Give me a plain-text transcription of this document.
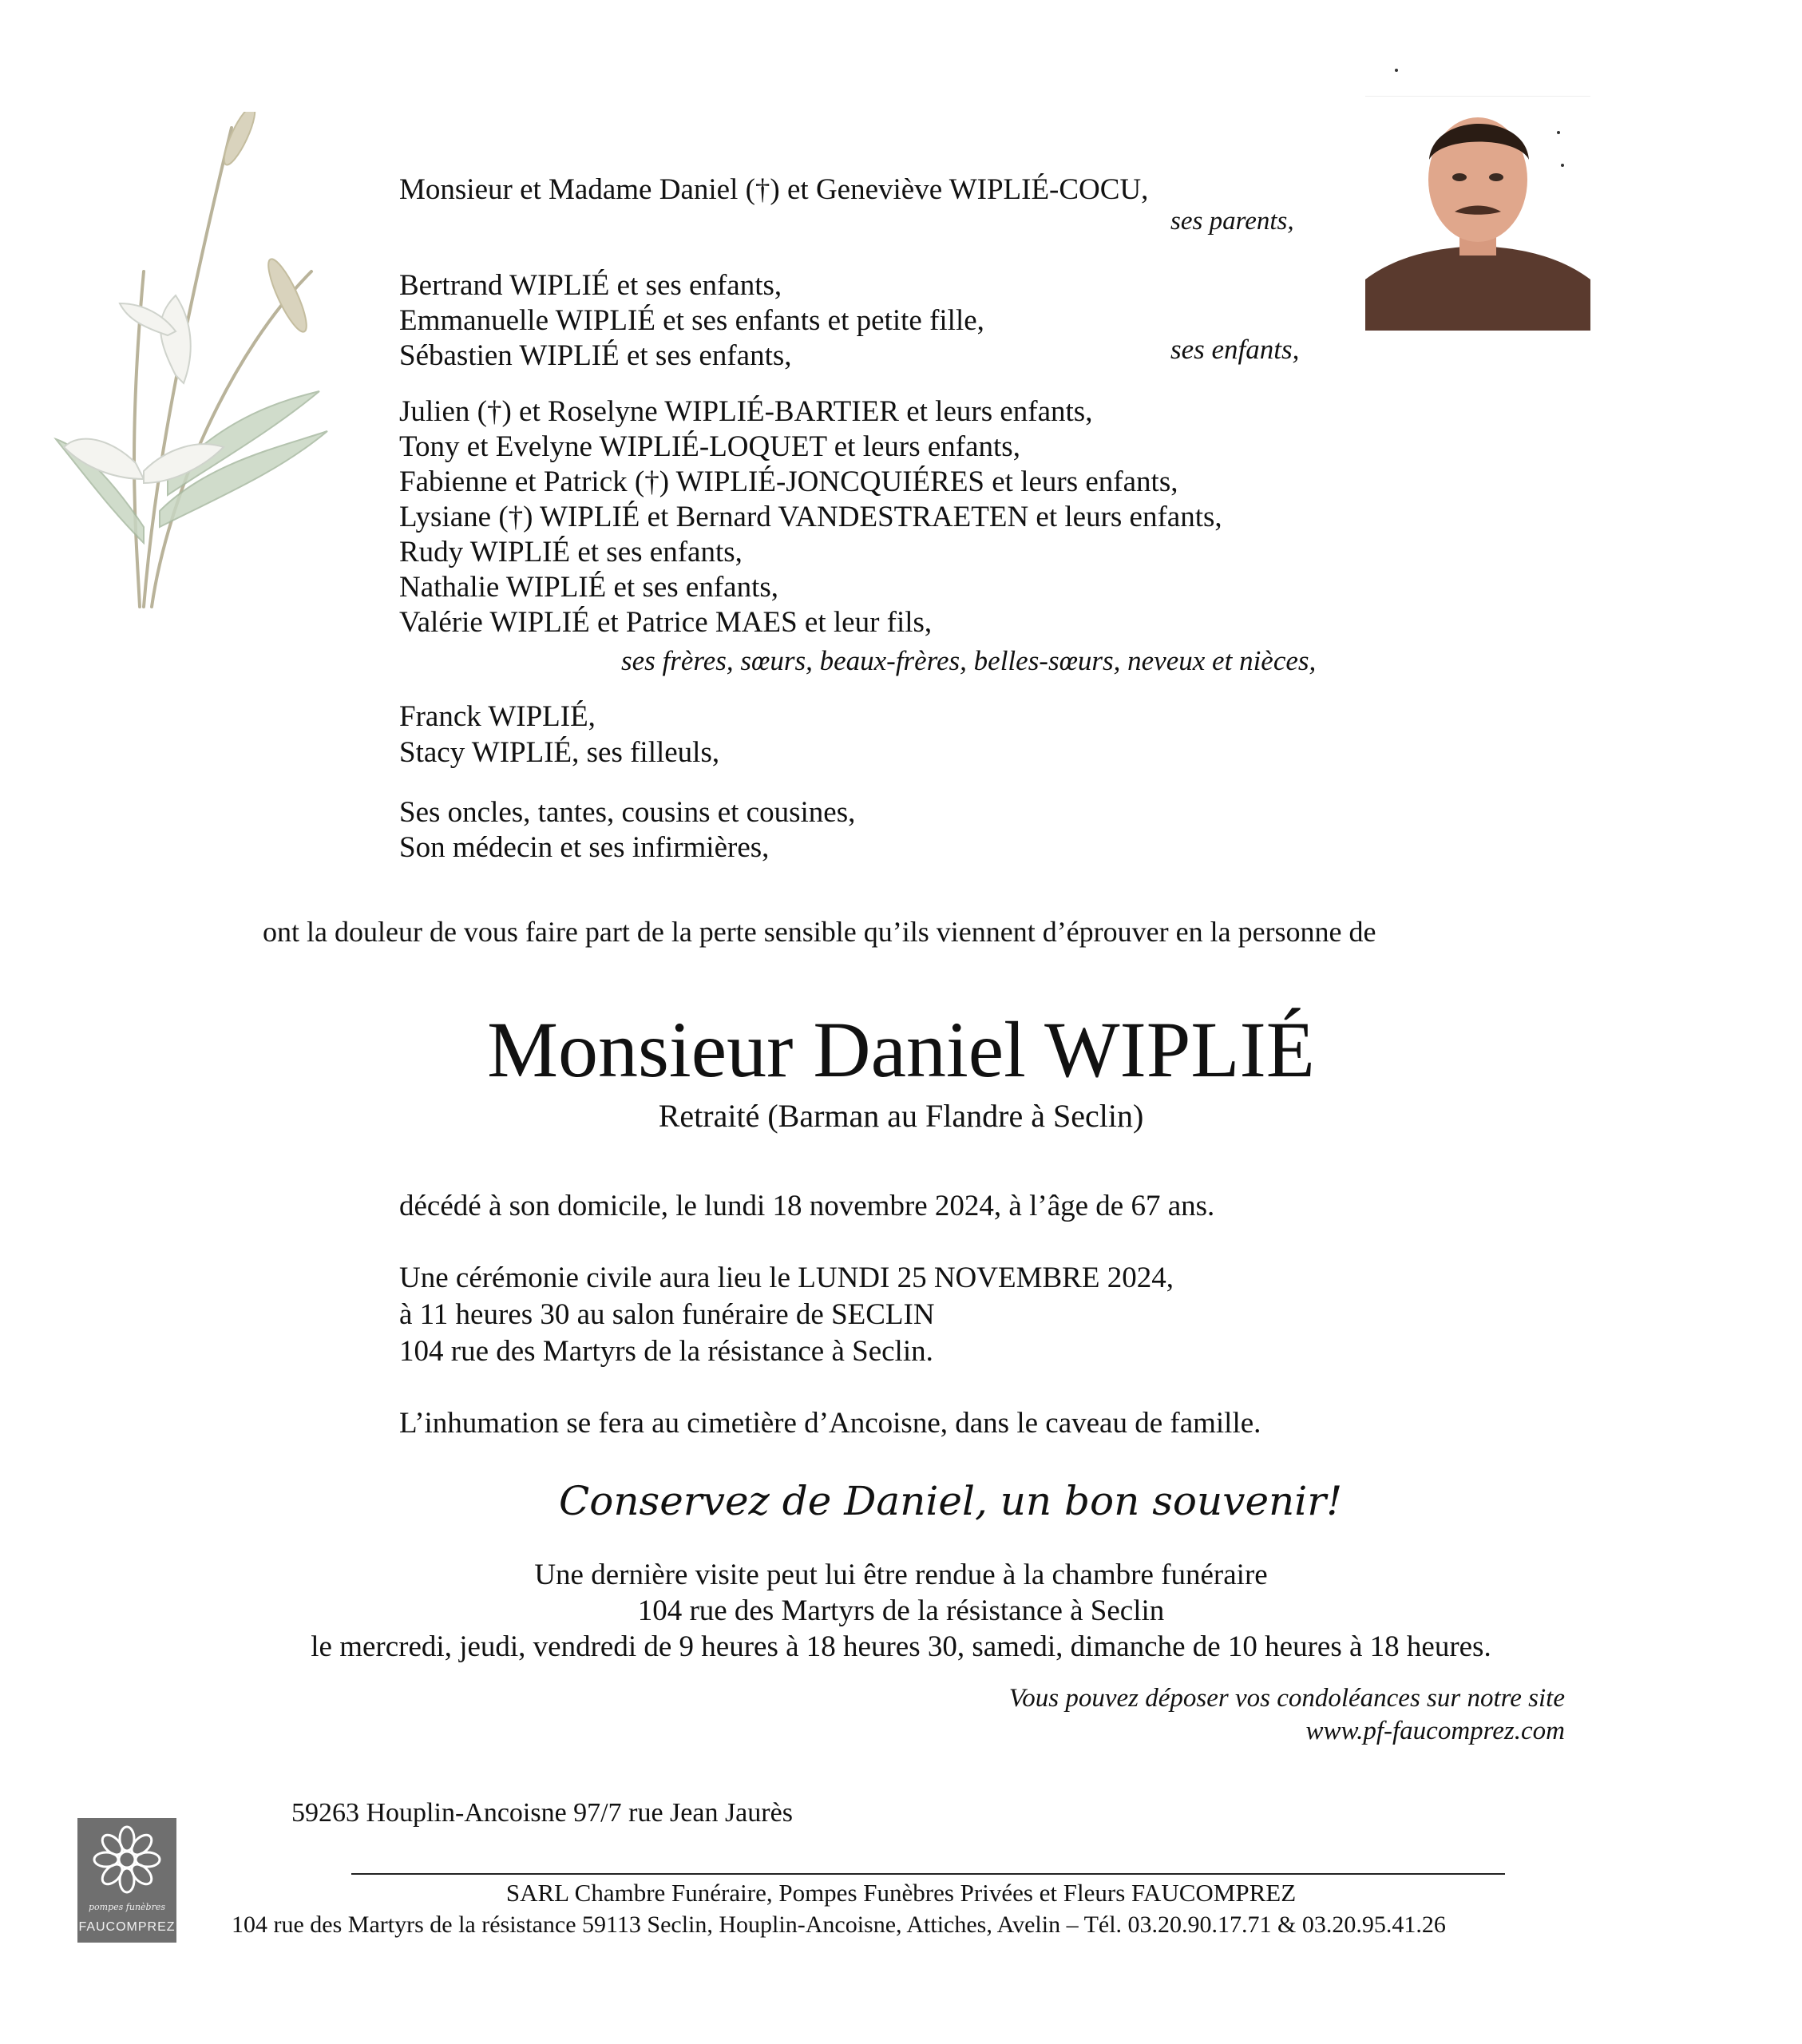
Monsieur et Madame Daniel (†) et Geneviève WIPLIÉ-COCU,
ses parents,
Bertrand WIPLIÉ et ses enfants,
Emmanuelle WIPLIÉ et ses enfants et petite fille,
Sébastien WIPLIÉ et ses enfants,	ses enfants,
Julien (†) et Roselyne WIPLIÉ-BARTIER et leurs enfants,
Tony et Evelyne WIPLIÉ-LOQUET et leurs enfants,
Fabienne et Patrick (†) WIPLIÉ-JONCQUIÉRES et leurs enfants,
Lysiane (†) WIPLIÉ et Bernard VANDESTRAETEN et leurs enfants,
Rudy WIPLIÉ et ses enfants,
Nathalie WIPLIÉ et ses enfants,
Valérie WIPLIÉ et Patrice MAES et leur fils,
ses frères, sœurs, beaux-frères, belles-sœurs, neveux et nièces,
Franck WIPLIÉ,
Stacy WIPLIÉ, ses filleuls,
Ses oncles, tantes, cousins et cousines,
Son médecin et ses infirmières,
ont la douleur de vous faire part de la perte sensible qu’ils viennent d’éprouver en la personne de
Monsieur Daniel WIPLIÉ
Retraité (Barman au Flandre à Seclin)
décédé à son domicile, le lundi 18 novembre 2024, à l’âge de 67 ans.
Une cérémonie civile aura lieu le LUNDI 25 NOVEMBRE 2024,
à 11 heures 30 au salon funéraire de SECLIN
104 rue des Martyrs de la résistance à Seclin.
L’inhumation se fera au cimetière d’Ancoisne, dans le caveau de famille.
Conservez de Daniel, un bon souvenir!
Une dernière visite peut lui être rendue à la chambre funéraire
104 rue des Martyrs de la résistance à Seclin
le mercredi, jeudi, vendredi de 9 heures à 18 heures 30, samedi, dimanche de 10 heures à 18 heures.
Vous pouvez déposer vos condoléances sur notre site
www.pf-faucomprez.com
59263 Houplin-Ancoisne 97/7 rue Jean Jaurès
pompes funèbres
FAUCOMPREZ
SARL Chambre Funéraire, Pompes Funèbres Privées et Fleurs FAUCOMPREZ
104 rue des Martyrs de la résistance 59113 Seclin, Houplin-Ancoisne, Attiches, Avelin – Tél. 03.20.90.17.71 & 03.20.95.41.26
